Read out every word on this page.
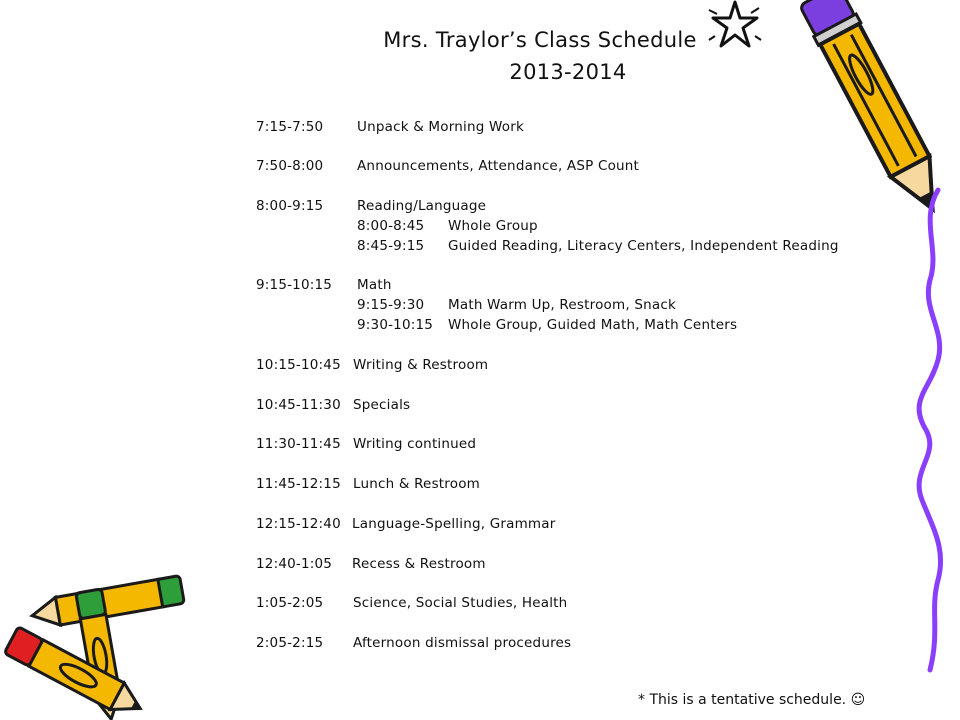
Mrs. Traylor’s Class Schedule
2013-2014
7:15-7:50 Unpack & Morning Work
7:50-8:00 Announcements, Attendance, ASP Count
8:00-9:15 Reading/Language
8:00-8:45 Whole Group
8:45-9:15 Guided Reading, Literacy Centers, Independent Reading
9:15-10:15 Math
9:15-9:30 Math Warm Up, Restroom, Snack
9:30-10:15 Whole Group, Guided Math, Math Centers
10:15-10:45 Writing & Restroom
10:45-11:30 Specials
11:30-11:45 Writing continued
11:45-12:15 Lunch & Restroom
12:15-12:40 Language-Spelling, Grammar
12:40-1:05 Recess & Restroom
1:05-2:05 Science, Social Studies, Health
2:05-2:15 Afternoon dismissal procedures
* This is a tentative schedule. ☺
